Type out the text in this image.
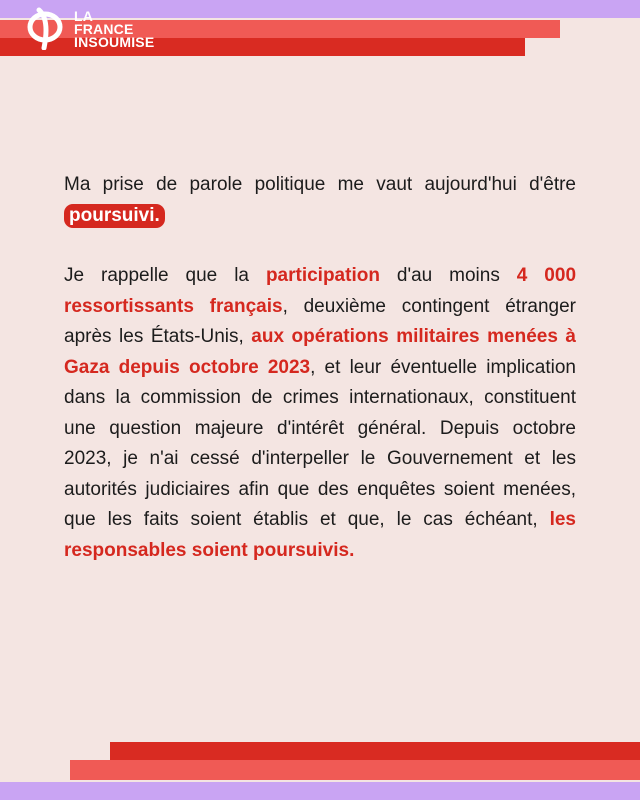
LA
FRANCE
INSOUMISE

Ma prise de parole politique me vaut aujourd'hui d'être poursuivi.

Je rappelle que la participation d'au moins 4 000 ressortissants français, deuxième contingent étranger après les États-Unis, aux opérations militaires menées à Gaza depuis octobre 2023, et leur éventuelle implication dans la commission de crimes internationaux, constituent une question majeure d'intérêt général. Depuis octobre 2023, je n'ai cessé d'interpeller le Gouvernement et les autorités judiciaires afin que des enquêtes soient menées, que les faits soient établis et que, le cas échéant, les responsables soient poursuivis.
